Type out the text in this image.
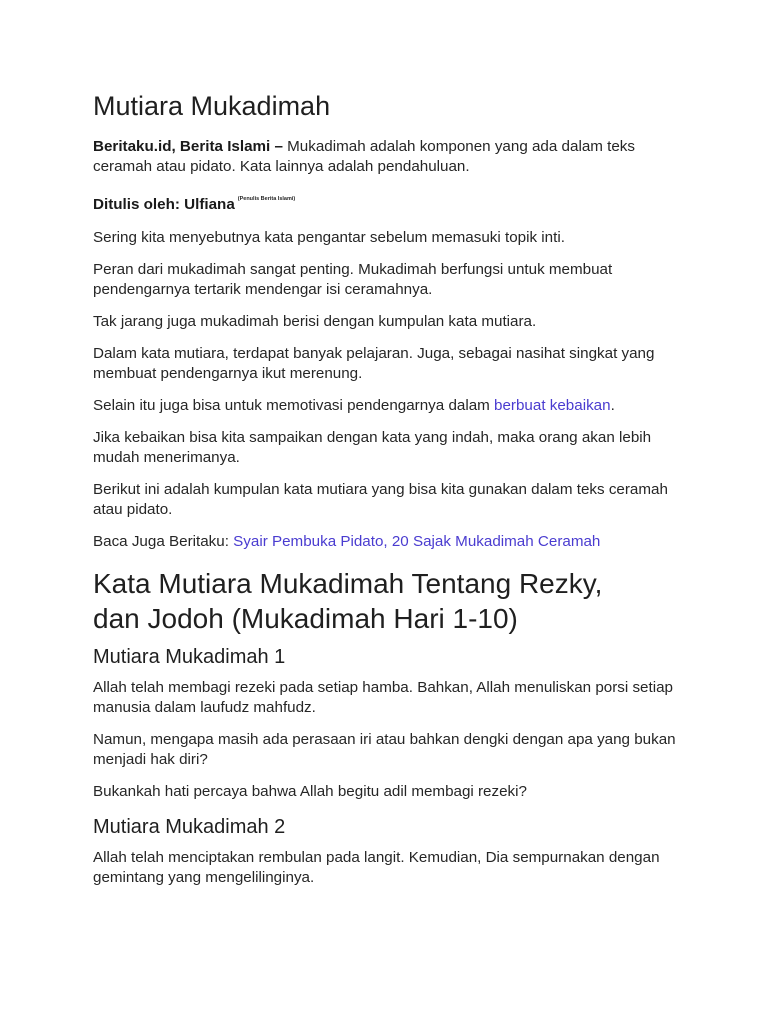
Mutiara Mukadimah

Beritaku.id, Berita Islami – Mukadimah adalah komponen yang ada dalam teks ceramah atau pidato. Kata lainnya adalah pendahuluan.

Ditulis oleh: Ulfiana $^{(Penulis Berita Islami)}$

Sering kita menyebutnya kata pengantar sebelum memasuki topik inti.

Peran dari mukadimah sangat penting. Mukadimah berfungsi untuk membuat pendengarnya tertarik mendengar isi ceramahnya.

Tak jarang juga mukadimah berisi dengan kumpulan kata mutiara.

Dalam kata mutiara, terdapat banyak pelajaran. Juga, sebagai nasihat singkat yang membuat pendengarnya ikut merenung.

Selain itu juga bisa untuk memotivasi pendengarnya dalam berbuat kebaikan.

Jika kebaikan bisa kita sampaikan dengan kata yang indah, maka orang akan lebih mudah menerimanya.

Berikut ini adalah kumpulan kata mutiara yang bisa kita gunakan dalam teks ceramah atau pidato.

Baca Juga Beritaku: Syair Pembuka Pidato, 20 Sajak Mukadimah Ceramah

Kata Mutiara Mukadimah Tentang Rezky, dan Jodoh (Mukadimah Hari 1-10)
Mutiara Mukadimah 1

Allah telah membagi rezeki pada setiap hamba. Bahkan, Allah menuliskan porsi setiap manusia dalam laufudz mahfudz.

Namun, mengapa masih ada perasaan iri atau bahkan dengki dengan apa yang bukan menjadi hak diri?

Bukankah hati percaya bahwa Allah begitu adil membagi rezeki?

Mutiara Mukadimah 2

Allah telah menciptakan rembulan pada langit. Kemudian, Dia sempurnakan dengan gemintang yang mengelilinginya.
